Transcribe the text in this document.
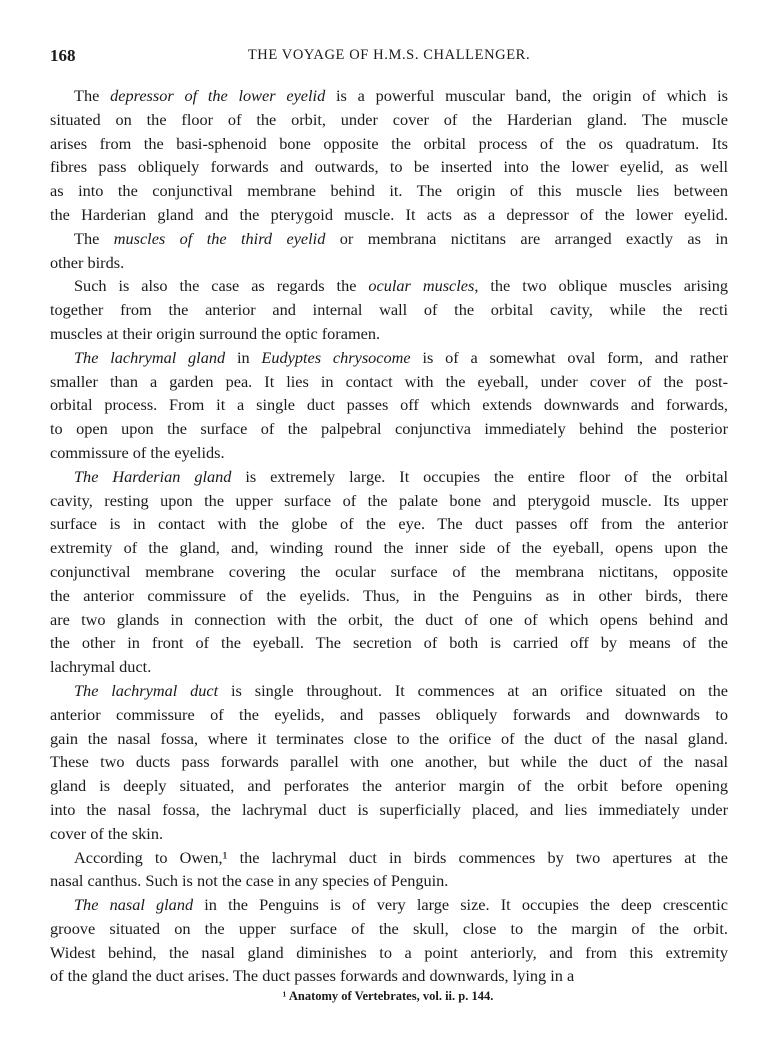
168	THE VOYAGE OF H.M.S. CHALLENGER.
The depressor of the lower eyelid is a powerful muscular band, the origin of which is
situated on the floor of the orbit, under cover of the Harderian gland. The muscle
arises from the basi-sphenoid bone opposite the orbital process of the os quadratum. Its
fibres pass obliquely forwards and outwards, to be inserted into the lower eyelid, as well
as into the conjunctival membrane behind it. The origin of this muscle lies between
the Harderian gland and the pterygoid muscle. It acts as a depressor of the lower eyelid.
The muscles of the third eyelid or membrana nictitans are arranged exactly as in
other birds.
Such is also the case as regards the ocular muscles, the two oblique muscles arising
together from the anterior and internal wall of the orbital cavity, while the recti
muscles at their origin surround the optic foramen.
The lachrymal gland in Eudyptes chrysocome is of a somewhat oval form, and rather
smaller than a garden pea. It lies in contact with the eyeball, under cover of the post-
orbital process. From it a single duct passes off which extends downwards and forwards,
to open upon the surface of the palpebral conjunctiva immediately behind the posterior
commissure of the eyelids.
The Harderian gland is extremely large. It occupies the entire floor of the orbital
cavity, resting upon the upper surface of the palate bone and pterygoid muscle. Its upper
surface is in contact with the globe of the eye. The duct passes off from the anterior
extremity of the gland, and, winding round the inner side of the eyeball, opens upon the
conjunctival membrane covering the ocular surface of the membrana nictitans, opposite
the anterior commissure of the eyelids. Thus, in the Penguins as in other birds, there
are two glands in connection with the orbit, the duct of one of which opens behind and
the other in front of the eyeball. The secretion of both is carried off by means of the
lachrymal duct.
The lachrymal duct is single throughout. It commences at an orifice situated on the
anterior commissure of the eyelids, and passes obliquely forwards and downwards to
gain the nasal fossa, where it terminates close to the orifice of the duct of the nasal gland.
These two ducts pass forwards parallel with one another, but while the duct of the nasal
gland is deeply situated, and perforates the anterior margin of the orbit before opening
into the nasal fossa, the lachrymal duct is superficially placed, and lies immediately under
cover of the skin.
According to Owen,¹ the lachrymal duct in birds commences by two apertures at the
nasal canthus. Such is not the case in any species of Penguin.
The nasal gland in the Penguins is of very large size. It occupies the deep crescentic
groove situated on the upper surface of the skull, close to the margin of the orbit.
Widest behind, the nasal gland diminishes to a point anteriorly, and from this extremity
of the gland the duct arises. The duct passes forwards and downwards, lying in a
¹ Anatomy of Vertebrates, vol. ii. p. 144.
